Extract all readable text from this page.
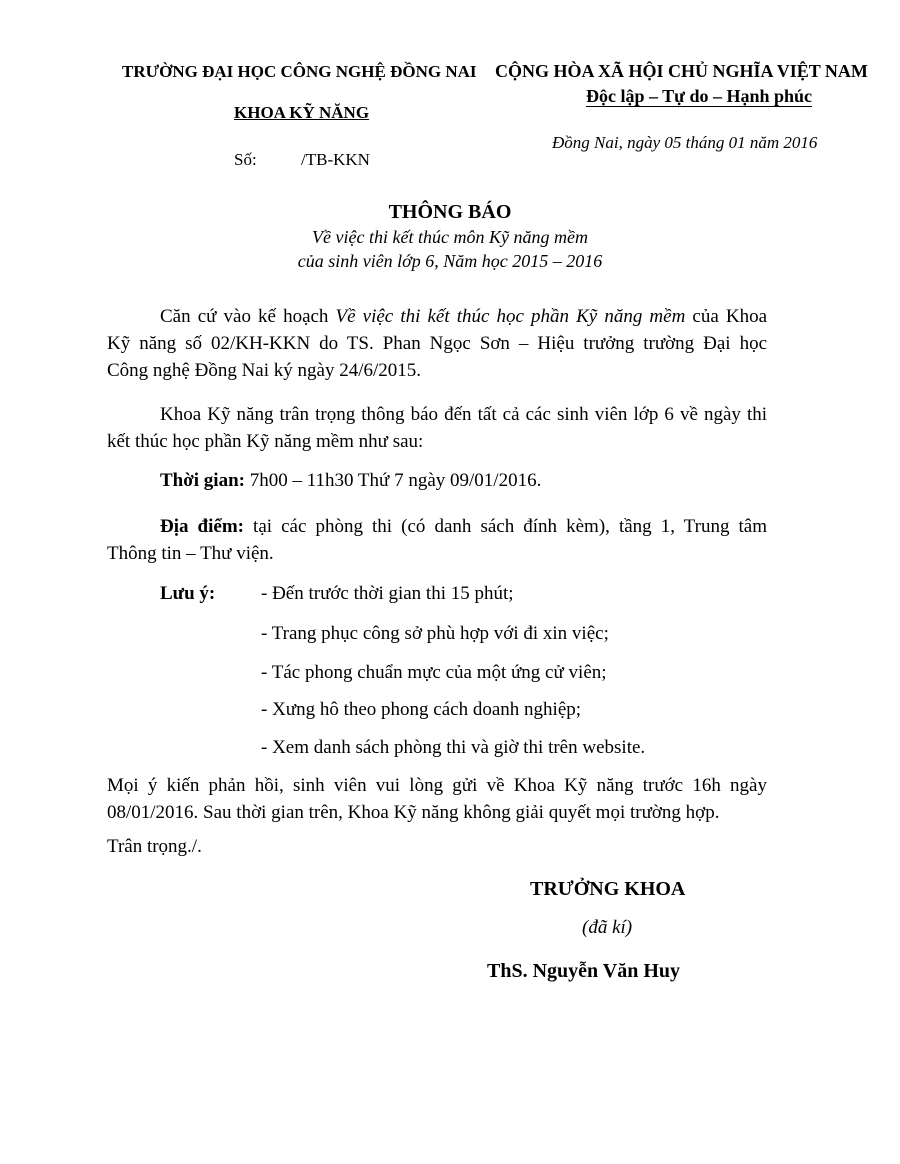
TRƯỜNG ĐẠI HỌC CÔNG NGHỆ ĐỒNG NAI
KHOA KỸ NĂNG
Số:	/TB-KKN
CỘNG HÒA XÃ HỘI CHỦ NGHĨA VIỆT NAM
Độc lập – Tự do – Hạnh phúc
Đồng Nai, ngày 05 tháng 01 năm 2016
THÔNG BÁO
Về việc thi kết thúc môn Kỹ năng mềm
của sinh viên lớp 6, Năm học 2015 – 2016
Căn cứ vào kế hoạch Về việc thi kết thúc học phần Kỹ năng mềm của Khoa
Kỹ năng số 02/KH-KKN do TS. Phan Ngọc Sơn – Hiệu trưởng trường Đại học
Công nghệ Đồng Nai ký ngày 24/6/2015.
Khoa Kỹ năng trân trọng thông báo đến tất cả các sinh viên lớp 6 về ngày thi
kết thúc học phần Kỹ năng mềm như sau:
Thời gian: 7h00 – 11h30 Thứ 7 ngày 09/01/2016.
Địa điểm: tại các phòng thi (có danh sách đính kèm), tầng 1, Trung tâm
Thông tin – Thư viện.
Lưu ý: - Đến trước thời gian thi 15 phút;
- Trang phục công sở phù hợp với đi xin việc;
- Tác phong chuẩn mực của một ứng cử viên;
- Xưng hô theo phong cách doanh nghiệp;
- Xem danh sách phòng thi và giờ thi trên website.
Mọi ý kiến phản hồi, sinh viên vui lòng gửi về Khoa Kỹ năng trước 16h ngày
08/01/2016. Sau thời gian trên, Khoa Kỹ năng không giải quyết mọi trường hợp.
Trân trọng./.
TRƯỞNG KHOA
(đã kí)
ThS. Nguyễn Văn Huy
